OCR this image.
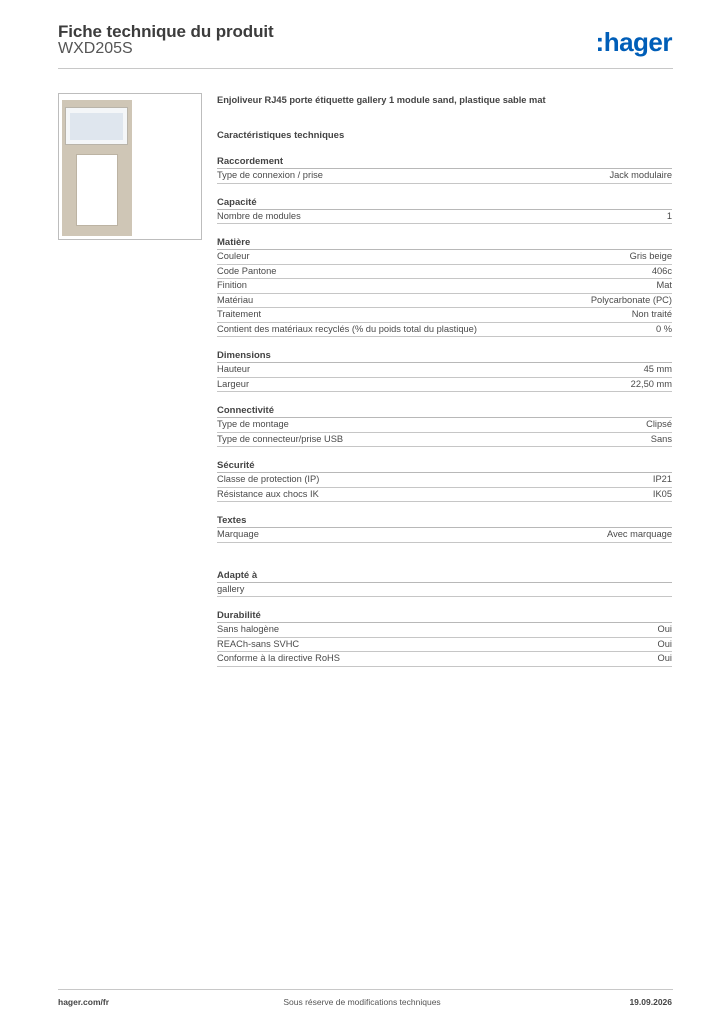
Fiche technique du produit
WXD205S	:hager
Enjoliveur RJ45 porte étiquette gallery 1 module sand, plastique sable mat
Caractéristiques techniques
Raccordement
Type de connexion / prise	Jack modulaire
Capacité
Nombre de modules	1
Matière
Couleur	Gris beige
Code Pantone	406c
Finition	Mat
Matériau	Polycarbonate (PC)
Traitement	Non traité
Contient des matériaux recyclés (% du poids total du plastique)	0 %
Dimensions
Hauteur	45 mm
Largeur	22,50 mm
Connectivité
Type de montage	Clipsé
Type de connecteur/prise USB	Sans
Sécurité
Classe de protection (IP)	IP21
Résistance aux chocs IK	IK05
Textes
Marquage	Avec marquage
Adapté à
gallery
Durabilité
Sans halogène	Oui
REACh-sans SVHC	Oui
Conforme à la directive RoHS	Oui
hager.com/fr	Sous réserve de modifications techniques	19.09.2026
